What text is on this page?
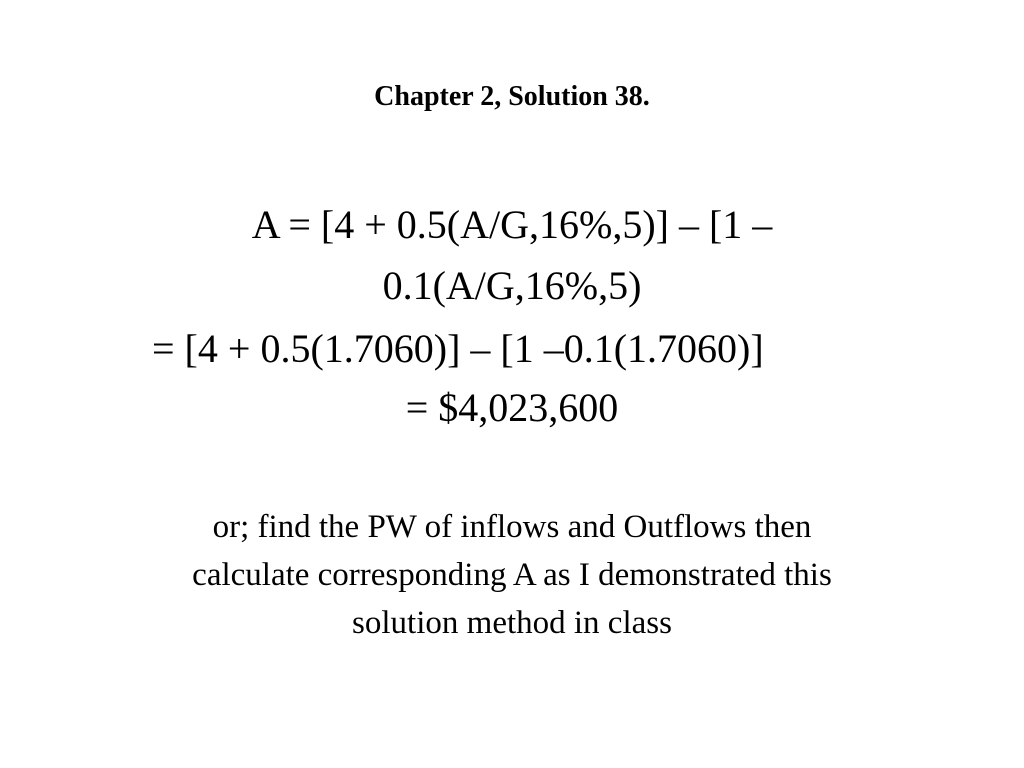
Chapter 2, Solution 38.
A = [4 + 0.5(A/G,16%,5)] – [1 –
0.1(A/G,16%,5)
= [4 + 0.5(1.7060)] – [1 –0.1(1.7060)]
= $4,023,600
or; find the PW of inflows and Outflows then
calculate corresponding A as I demonstrated this
solution method in class
